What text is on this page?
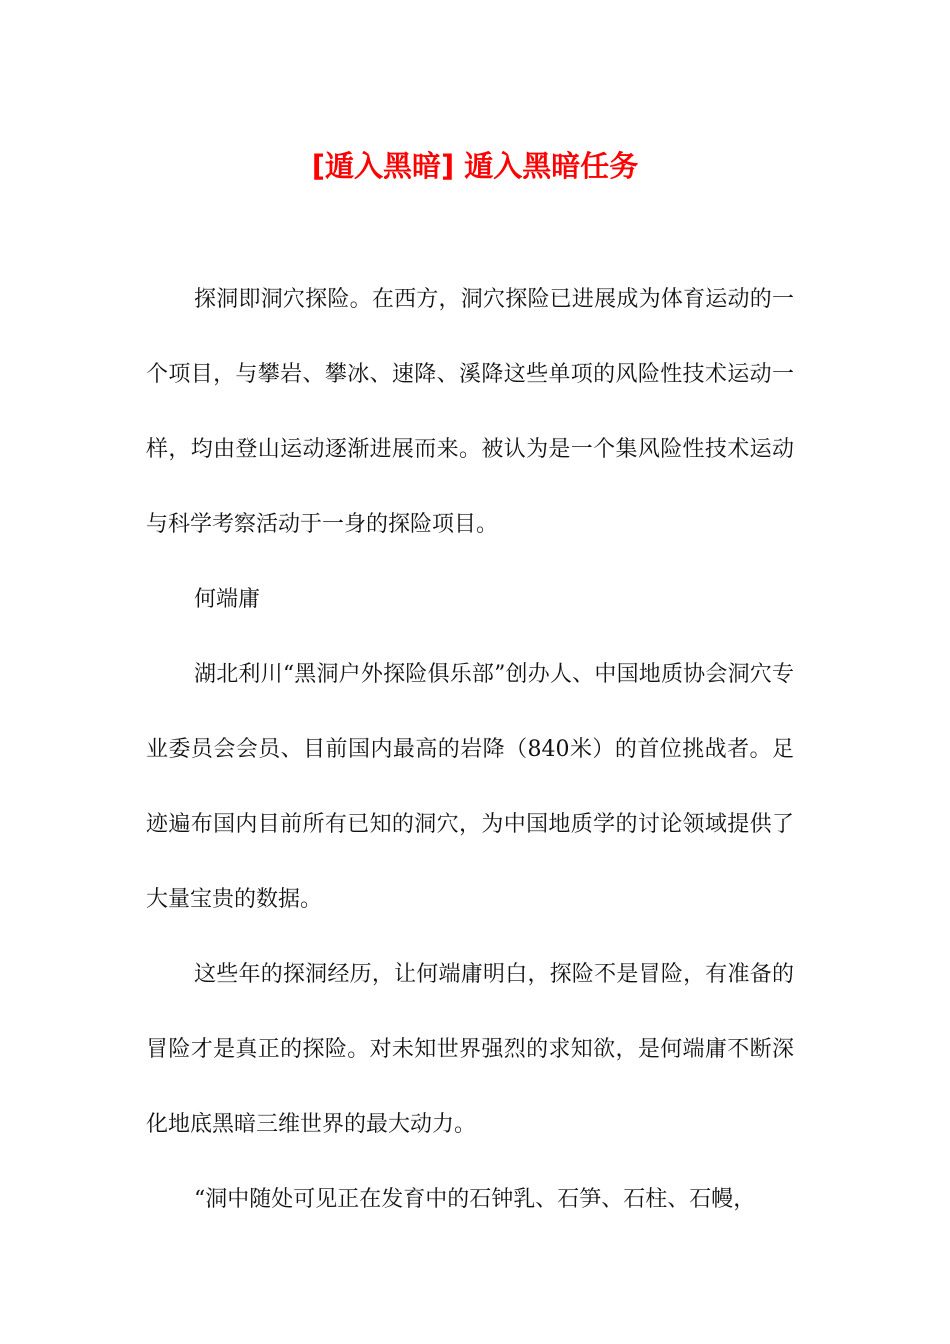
[遁入黑暗] 遁入黑暗任务

探洞即洞穴探险。在西方，洞穴探险已进展成为体育运动的一个项目，与攀岩、攀冰、速降、溪降这些单项的风险性技术运动一样，均由登山运动逐渐进展而来。被认为是一个集风险性技术运动与科学考察活动于一身的探险项目。

何端庸

湖北利川“黑洞户外探险俱乐部”创办人、中国地质协会洞穴专业委员会会员、目前国内最高的岩降（840米）的首位挑战者。足迹遍布国内目前所有已知的洞穴，为中国地质学的讨论领域提供了大量宝贵的数据。

这些年的探洞经历，让何端庸明白，探险不是冒险，有准备的冒险才是真正的探险。对未知世界强烈的求知欲，是何端庸不断深化地底黑暗三维世界的最大动力。

“洞中随处可见正在发育中的石钟乳、石笋、石柱、石幔，
